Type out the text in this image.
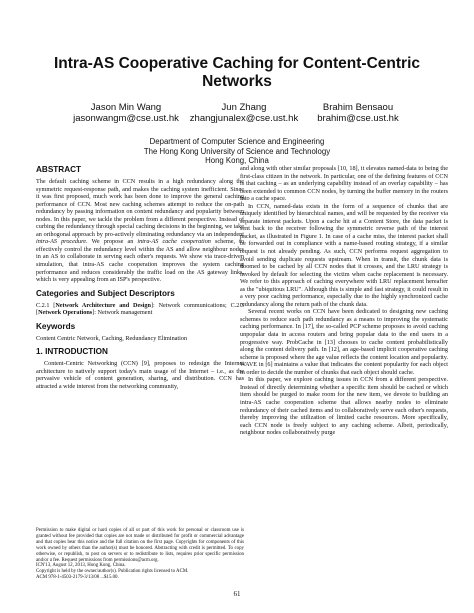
Intra-AS Cooperative Caching for Content-Centric
Networks
Jason Min Wang
jasonwangm@cse.ust.hk
Jun Zhang
zhangjunalex@cse.ust.hk
Brahim Bensaou
brahim@cse.ust.hk
Department of Computer Science and Engineering
The Hong Kong University of Science and Technology
Hong Kong, China
ABSTRACT

The default caching scheme in CCN results in a high redundancy along the symmetric request-response path, and makes the caching system inefficient. Since it was first proposed, much work has been done to improve the general caching performance of CCN. Most new caching schemes attempt to reduce the on-path redundancy by passing information on content redundancy and popularity between nodes. In this paper, we tackle the problem from a different perspective. Instead of curbing the redundancy through special caching decisions in the beginning, we take an orthogonal approach by pro-actively eliminating redundancy via an independent intra-AS procedure. We propose an intra-AS cache cooperation scheme, to effectively control the redundancy level within the AS and allow neighbour nodes in an AS to collaborate in serving each other's requests. We show via trace-driven simulation, that intra-AS cache cooperation improves the system caching performance and reduces considerably the traffic load on the AS gateway links, which is very appealing from an ISP's perspective.

Categories and Subject Descriptors

C.2.1 [Network Architecture and Design]: Network communications; C.2.3 [Network Operations]: Network management

Keywords

Content Centric Network, Caching, Redundancy Elimination

1. INTRODUCTION

Content-Centric Networking (CCN) [9], proposes to redesign the Internet architecture to natively support today's main usage of the Internet – i.e., as the pervasive vehicle of content generation, sharing, and distribution. CCN has attracted a wide interest from the networking community,

Permission to make digital or hard copies of all or part of this work for personal or classroom use is granted without fee provided that copies are not made or distributed for profit or commercial advantage and that copies bear this notice and the full citation on the first page. Copyrights for components of this work owned by others than the author(s) must be honored. Abstracting with credit is permitted. To copy otherwise, or republish, to post on servers or to redistribute to lists, requires prior specific permission and/or a fee. Request permissions from permissions@acm.org.

ICN'13, August 12, 2013, Hong Kong, China.

Copyright is held by the owner/author(s). Publication rights licensed to ACM.

ACM 978-1-4503-2179-3/13/08 ...$15.00.

and along with other similar proposals [10, 18], it elevates named-data to being the first-class citizen in the network. In particular, one of the defining features of CCN is that caching – as an underlying capability instead of an overlay capability – has been extended to common CCN nodes, by turning the buffer memory in the routers into a cache space.

In CCN, named-data exists in the form of a sequence of chunks that are uniquely identified by hierarchical names, and will be requested by the receiver via separate interest packets. Upon a cache hit at a Content Store, the data packet is sent back to the receiver following the symmetric reverse path of the interest packet, as illustrated in Figure 1. In case of a cache miss, the interest packet shall be forwarded out in compliance with a name-based routing strategy, if a similar request is not already pending. As such, CCN performs request aggregation to avoid sending duplicate requests upstream. When in transit, the chunk data is doomed to be cached by all CCN nodes that it crosses, and the LRU strategy is invoked by default for selecting the victim when cache replacement is necessary. We refer to this approach of caching everywhere with LRU replacement hereafter as the "ubiquitous LRU". Although this is simple and fast strategy, it could result in a very poor caching performance, especially due to the highly synchronized cache redundancy along the return path of the chunk data.

Several recent works on CCN have been dedicated to designing new caching schemes to reduce such path redundancy as a means to improving the systematic caching performance. In [17], the so-called PCP scheme proposes to avoid caching unpopular data in access routers and bring popular data to the end users in a progressive way. ProbCache in [13] chooses to cache content probabilistically along the content delivery path. In [12], an age-based implicit cooperative caching scheme is proposed where the age value reflects the content location and popularity. WAVE in [6] maintains a value that indicates the content popularity for each object in order to decide the number of chunks that each object should cache.

In this paper, we explore caching issues in CCN from a different perspective. Instead of directly determining whether a specific item should be cached or which item should be purged to make room for the new item, we devote to building an intra-AS cache cooperation scheme that allows nearby nodes to eliminate redundancy of their cached items and to collaboratively serve each other's requests, thereby improving the utilization of limited cache resources. More specifically, each CCN node is freely subject to any caching scheme. Albeit, periodically, neighbour nodes collaboratively purge

61
